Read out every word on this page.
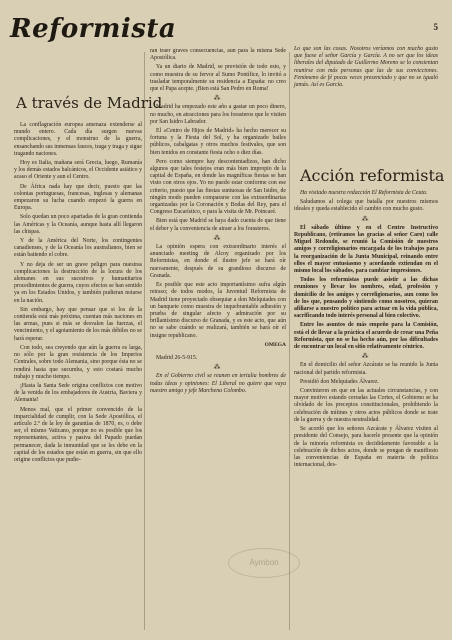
Reformista	5
A través de Madrid

La conflagración europea amenaza extenderse al mundo entero. Cada día surgen nuevas complicaciones, y el monstruo de la guerra, ensanchando sus inmensas fauces, traga y traga y sigue tragando naciones.

Hoy es Italia, mañana será Grecia, luego, Rumanía y los demás estados balcánicos, el Occidente asiático y acaso el Oriente y aun el Centro.

De África nada hay que decir, puesto que las colonias portuguesas, francesas, inglesas y alemanas empezaron su lucha cuando empezó la guerra en Europa.

Solo quedan un poco apartadas de la gran contienda las Américas y la Oceanía, aunque hasta allí llegaron las chispas.

Y de la América del Norte, los contingentes canadienses, y de la Oceanía los australianos, bien se están batiendo el cobre.

Y no deja de ser un grave peligro para nuestras complicaciones la destrucción de la locura de los alemanes en sus sucesivos y humanitarios procedimientos de guerra, cuyos efectos se han sentido ya en los Estados Unidos, y también pudieran notarse en la nación.

Sin embargo, hay que pensar que si los de la contienda está más próxima, cuentan más naciones en las armas, pues si más se desvalen las fuerzas, el vencimiento, y el agotamiento de los más débiles no se hará esperar.

Con todo, sea creyendo que aún la guerra es larga, no sólo por la gran resistencia de los Imperios Centrales, sobre todo Alemania, sino porque ésta no se rendirá hasta que sucumba, y esto costará mucho trabajo y mucho tiempo.

¡Hasta la Santa Sede origina conflictos con motivo de la venida de los embajadores de Austria, Baviera y Alemania!

Menos mal, que el primer convencido de la imparcialidad de cumplir, con la Sede Apostólica, el artículo 2.º de la ley de garantías de 1870, es, o debe ser, el mismo Vaticano, porque no es posible que los representantes, activa y pasiva del Papado puedan permanecer, dada la inmunidad que se les debe en la capital de los estados que están en guerra, sin que ello origine conflictos que pudie-

ran traer graves consecuencias, aun para la misma Sede Apostólica.

Ya un diario de Madrid, se previsión de todo esto, y como muestra de su fervor al Sumo Pontífice, lo invitó a trasladar temporalmente su residencia a España: no creo que el Papa acepte. ¡Bien está San Pedro en Roma!

⁂

Madrid ha empezado este año a gastar un poco dinero, no mucho, en atracciones para los forasteros que le visiten por San Isidro Labrador.

El «Centro de Hijos de Madrid» ha hecho merecer su fortuna y la Fiesta del Sol, y ha organizado bailes públicos, cabalgatas y otros muchos festivales, que son bien tenidos en constante fiesta ocho o diez días.

Pero como siempre hay descontentadizos, han dicho algunos que tales festejos eran más bien impropio de la capital de España, en donde las magníficas fiestas se han visto con otros ojos. Yo no puedo estar conforme con ese criterio, puesto que las fiestas suntuosas de San Isidro, de ningún modo pueden compararse con las extraordinarias organizadas por la Coronación y Bodas del Rey, para el Congreso Eucarístico, o para la visita de Mr. Poincaré.

Bien está que Madrid se haya dado cuenta de que tiene el deber y la conveniencia de atraer a los forasteros.

⁂

La opinión espera con extraordinario interés el anunciado meeting de Alcoy organizado por los Reformistas, en donde el ilustre jefe se hará oír nuevamente, después de su grandioso discurso de Granada.

Es posible que este acto importantísimo sufra algún retraso; de todos modos, la Juventud Reformista de Madrid tiene proyectado obsequiar a don Melquiades con un banquete como muestra de inquebrantable adhesión y prueba de singular afecto y admiración por su brillantísimo discurso de Granada, y es este acto, que aún no se sabe cuándo se realizará, también se hará oír el insigne republicano.

OMEGA

Madrid 26-5-915.

⁂

En el Gobierno civil se reunen en tertulia hombres de todas ideas y opiniones: El Liberal no quiere que vaya nuestro amigo y jefe Marchena Colombo.

Lo que son las cosas. Nosotros veríamos con mucho gusto que fuese el señor García y García. A no ser que los ideas liberales del diputado de Guillermo Moreno se lo consientan reunirse con más personas que las de sus convicciones. Fenómeno de fé pocas veces presenciado y que no se igualó jamás. Así es García.

Acción reformista

Ha visitado nuestra redacción El Reformista de Ceuta.

Saludamos al colega que batalla por nuestros mismos ideales y queda establecido el cambio con mucho gusto.

⁂

El sábado último y en el Centro Instructivo Republicano, (retiramos las gracias al señor Caro) calle Miguel Redondo, se reunió la Comisión de nuestros amigos y correligionarios encargada de los trabajos para la reorganización de la Junta Municipal, reinando entre ellos el mayor entusiasmo y acordando extiendan en el mismo local los sábados, para cambiar impresiones.

Todos los reformistas puede asistir a las dichas reuniones y llevar los nombres, edad, profesión y domicilio de los amigos y correligionarios, aun como los de los que, pensando y sintiendo como nosotros, quieran afiliarse a nuestro político para actuar en la vida pública, sacrificando todo interés personal al bien colectivo.

Entre los asuntos de más empeño para la Comisión, está el de llevar a la práctica el acuerdo de crear una Peña Reformista, que no se ha hecho aún, por las dificultades de encontrar un local en sitio relativamente céntrico.

⁂

En el domicilio del señor Azcárate se ha reunido la Junta nacional del partido reformista.

Presidió don Melquiades Álvarez.

Convinieron en que en las actuales circunstancias, y con mayor motivo estando cerradas las Cortes, el Gobierno se ha olvidado de los preceptos constitucionales, prohibiendo la celebración de mítines y otros actos públicos donde se trate de la guerra y de nuestra neutralidad.

Se acordó que los señores Azcárate y Álvarez visiten al presidente del Consejo, para hacerle presente que la opinión de la minoría reformista es decididamente favorable a la celebración de dichos actos, donde se pongan de manifiesto las conveniencias de España en materia de política internacional, des-

Aymbon
